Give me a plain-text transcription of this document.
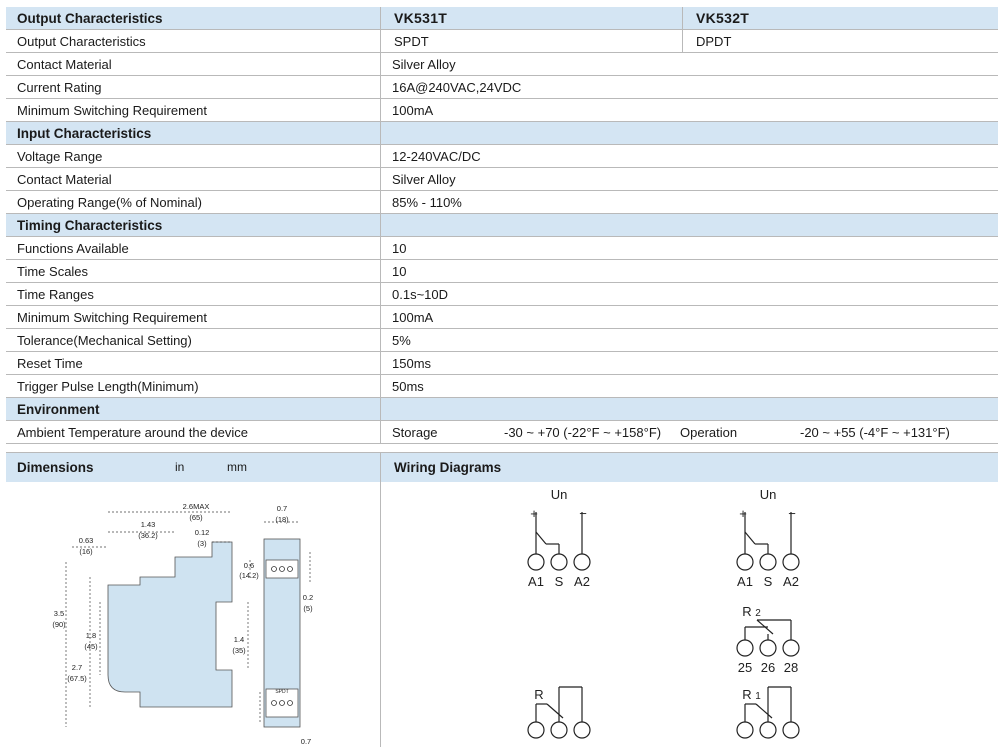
Output Characteristics	VK531T	VK532T
Output Characteristics	SPDT	DPDT
Contact Material	Silver Alloy	
Current Rating	16A@240VAC,24VDC	
Minimum Switching Requirement	100mA	
Input Characteristics		
Voltage Range	12-240VAC/DC	
Contact Material	Silver Alloy	
Operating Range(% of Nominal)	85% - 110%	
Timing Characteristics		
Functions Available	10	
Time Scales	10	
Time Ranges	0.1s~10D	
Minimum Switching Requirement	100mA	
Tolerance(Mechanical Setting)	5%	
Reset Time	150ms	
Trigger Pulse Length(Minimum)	50ms	
Environment		
Ambient Temperature around the device	Storage -30 ~ +70 (-22°F ~ +158°F) Operation -20 ~ +55 (-4°F ~ +131°F)	
Dimensions	in	mm	Wiring Diagrams
2.6MAX
(65)
1.43
(36.2)	0.12
(3)
0.63
(16)
3.5
(90)
2.7
(67.5)
1.8
(45)
1.4
(35)
0.7
(18)
0.6
(14.2)
0.2
(5)
0.7
SPDT
Un
+	−
A1 S A2
R
Un
+	−
A1 S A2
R 2
25 26 28
R 1
